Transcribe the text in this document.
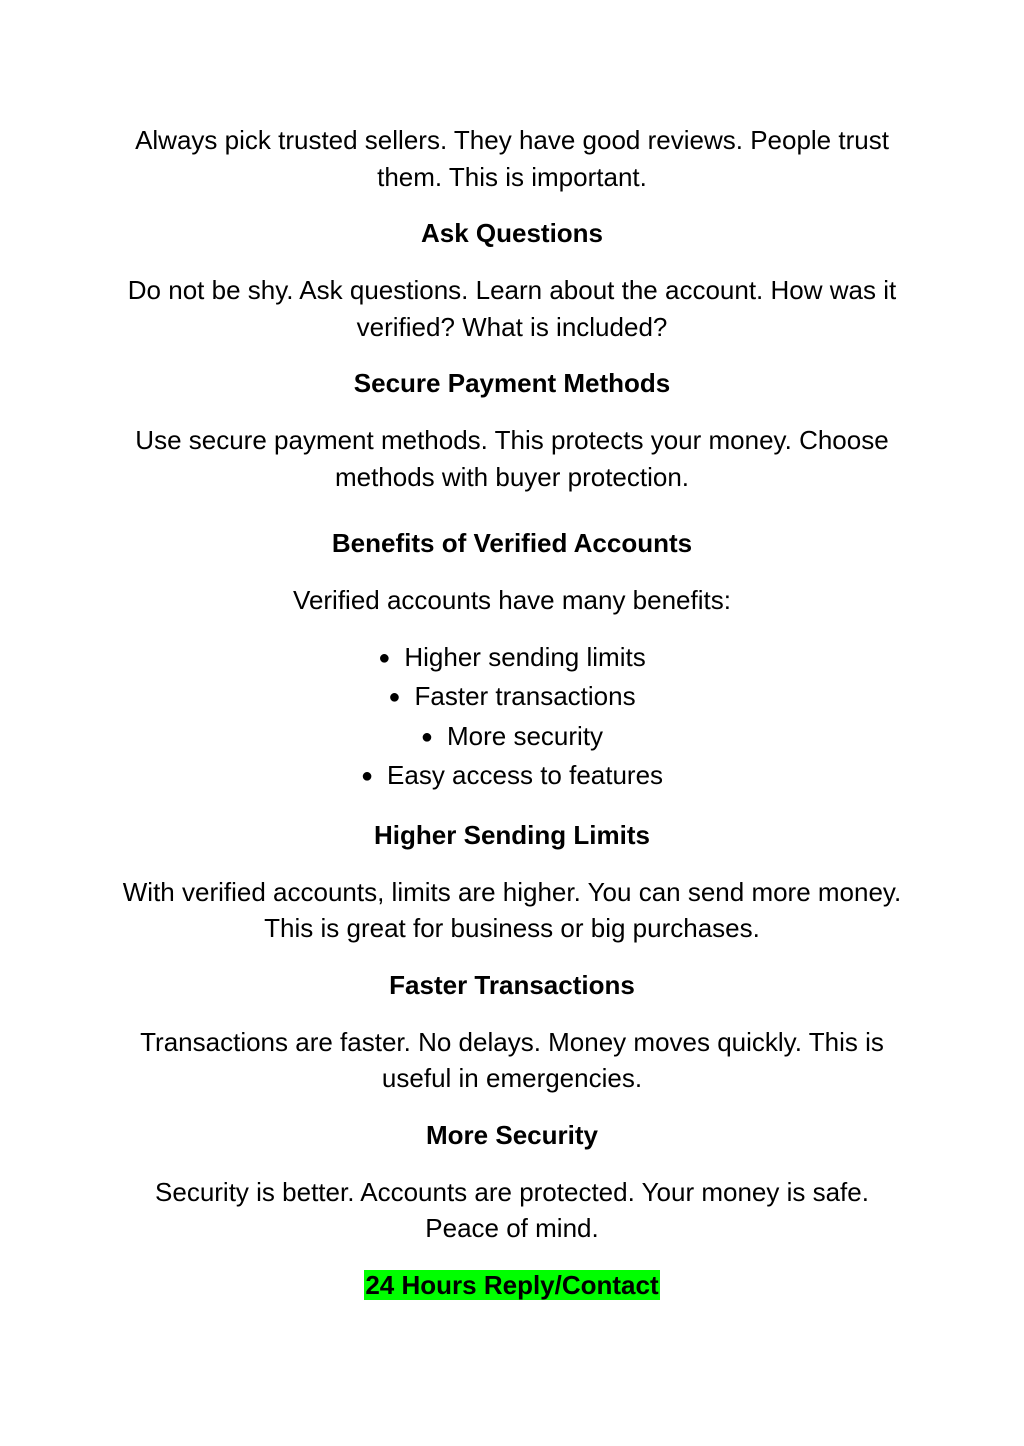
Always pick trusted sellers. They have good reviews. People trust them. This is important.

Ask Questions

Do not be shy. Ask questions. Learn about the account. How was it verified? What is included?

Secure Payment Methods

Use secure payment methods. This protects your money. Choose methods with buyer protection.

Benefits of Verified Accounts

Verified accounts have many benefits:

● Higher sending limits
● Faster transactions
● More security
● Easy access to features
Higher Sending Limits

With verified accounts, limits are higher. You can send more money. This is great for business or big purchases.

Faster Transactions

Transactions are faster. No delays. Money moves quickly. This is useful in emergencies.

More Security

Security is better. Accounts are protected. Your money is safe. Peace of mind.

24 Hours Reply/Contact
